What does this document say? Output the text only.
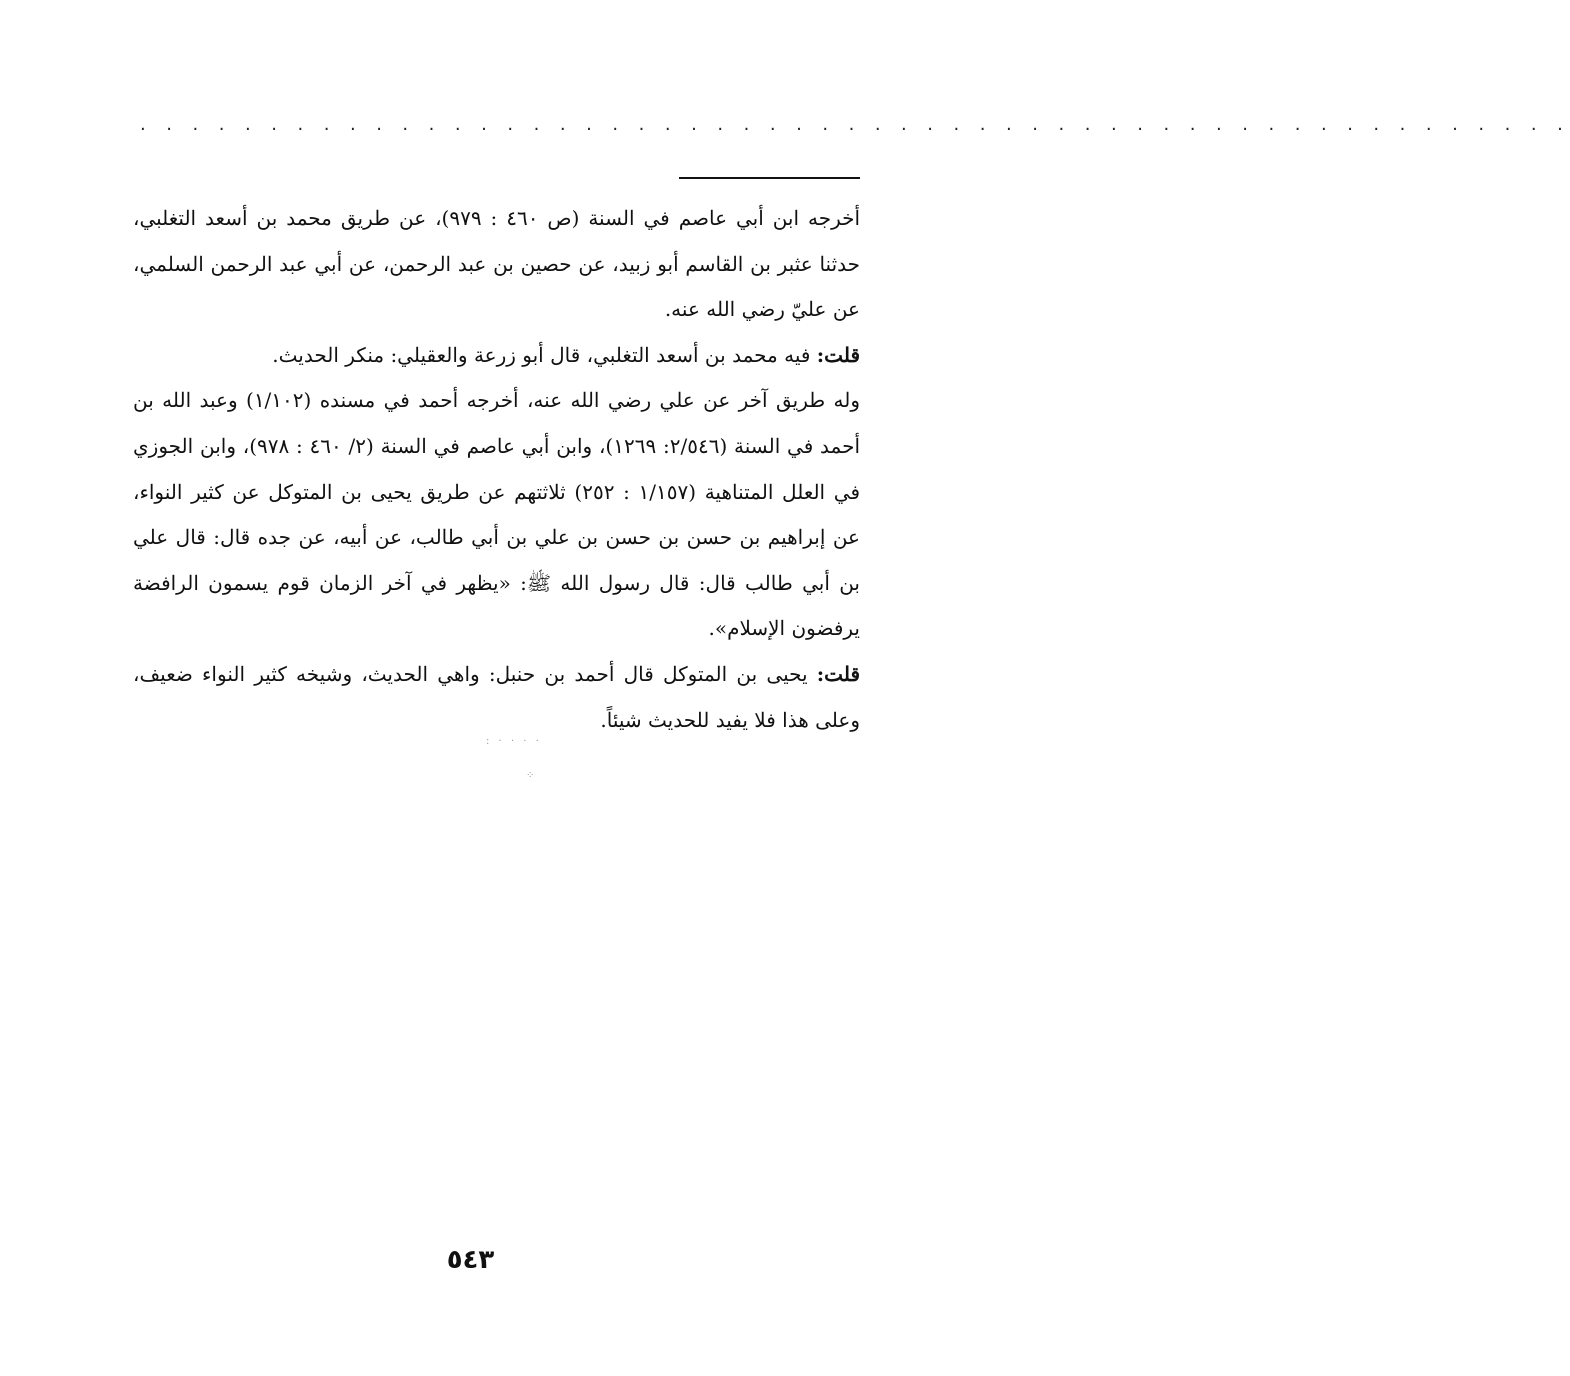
. . . . . . . . . . . . . . . . . . . . . . . . . . . . . . . . . . . . . . . . . . . . . . . . . . . . . . .

أخرجه ابن أبي عاصم في السنة (ص ٤٦٠ : ٩٧٩)، عن طريق محمد بن أسعد التغلبي، حدثنا عثبر بن القاسم أبو زبيد، عن حصين بن عبد الرحمن، عن أبي عبد الرحمن السلمي، عن عليّ رضي الله عنه.

قلت: فيه محمد بن أسعد التغلبي، قال أبو زرعة والعقيلي: منكر الحديث.

وله طريق آخر عن علي رضي الله عنه، أخرجه أحمد في مسنده (١/١٠٢) وعبد الله بن أحمد في السنة (٢/٥٤٦: ١٢٦٩)، وابن أبي عاصم في السنة (٢/ ٤٦٠ : ٩٧٨)، وابن الجوزي في العلل المتناهية (١/١٥٧ : ٢٥٢) ثلاثتهم عن طريق يحيى بن المتوكل عن كثير النواء، عن إبراهيم بن حسن بن حسن بن علي بن أبي طالب، عن أبيه، عن جده قال: قال علي بن أبي طالب قال: قال رسول الله ﷺ: «يظهر في آخر الزمان قوم يسمون الرافضة يرفضون الإسلام».

قلت: يحيى بن المتوكل قال أحمد بن حنبل: واهي الحديث، وشيخه كثير النواء ضعيف، وعلى هذا فلا يفيد للحديث شيئاً.

: · · · ·
⁘
٥٤٣
